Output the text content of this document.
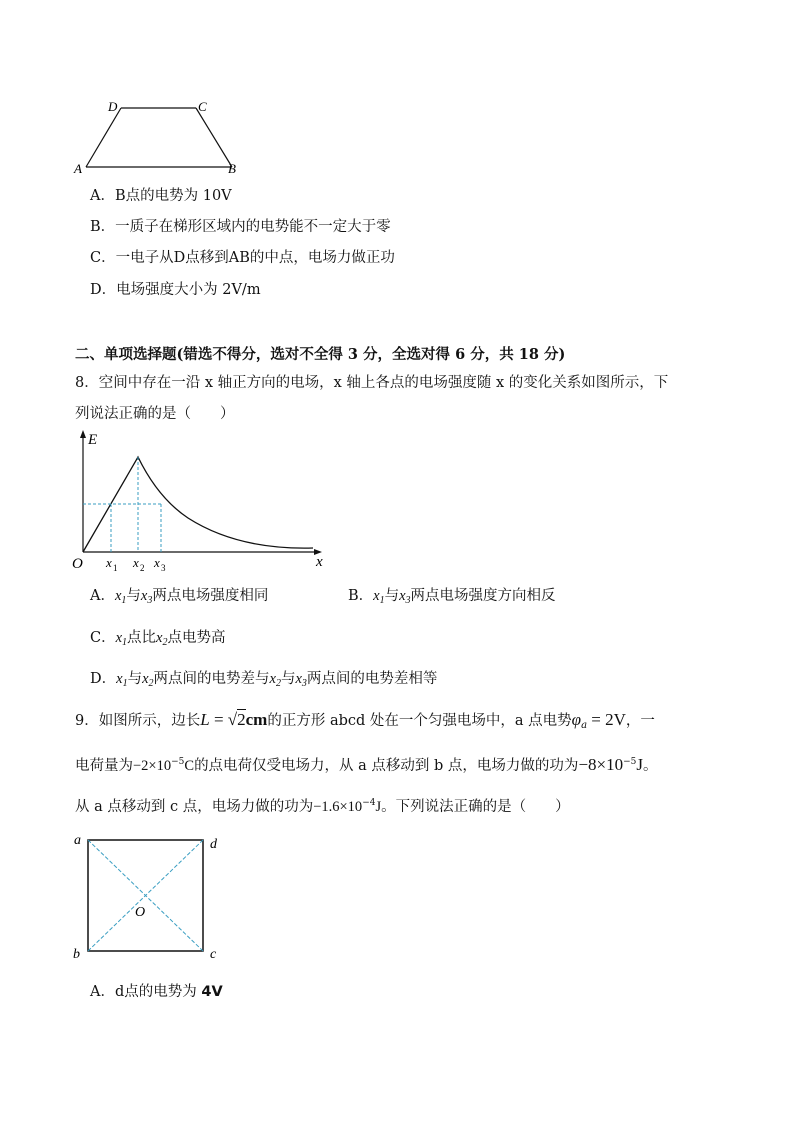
D	C
A	B
A．B点的电势为 10V
B．一质子在梯形区域内的电势能不一定大于零
C．一电子从D点移到AB的中点，电场力做正功
D．电场强度大小为 2V/m
二、单项选择题(错选不得分，选对不全得 3 分，全选对得 6 分，共 18 分)
8．空间中存在一沿 x 轴正方向的电场，x 轴上各点的电场强度随 x 的变化关系如图所示，下
列说法正确的是（　　）
E
x
O x 1 x 2 x 3
A．$x_1$与$x_3$两点电场强度相同	B．$x_1$与$x_3$两点电场强度方向相反
C．$x_1$点比$x_2$点电势高
D．$x_1$与$x_2$两点间的电势差与$x_2$与$x_3$两点间的电势差相等
9．如图所示，边长L = √2cm的正方形 abcd 处在一个匀强电场中，a 点电势$\varphi_a = 2V$，一
电荷量为$-2\times 10^{-5}C$的点电荷仅受电场力，从 a 点移动到 b 点，电场力做的功为$-8\times 10^{-5}J$。
从 a 点移动到 c 点，电场力做的功为$-1.6\times 10^{-4}J$。下列说法正确的是（　　）
a	d
b	c
O
A．d点的电势为 4V
